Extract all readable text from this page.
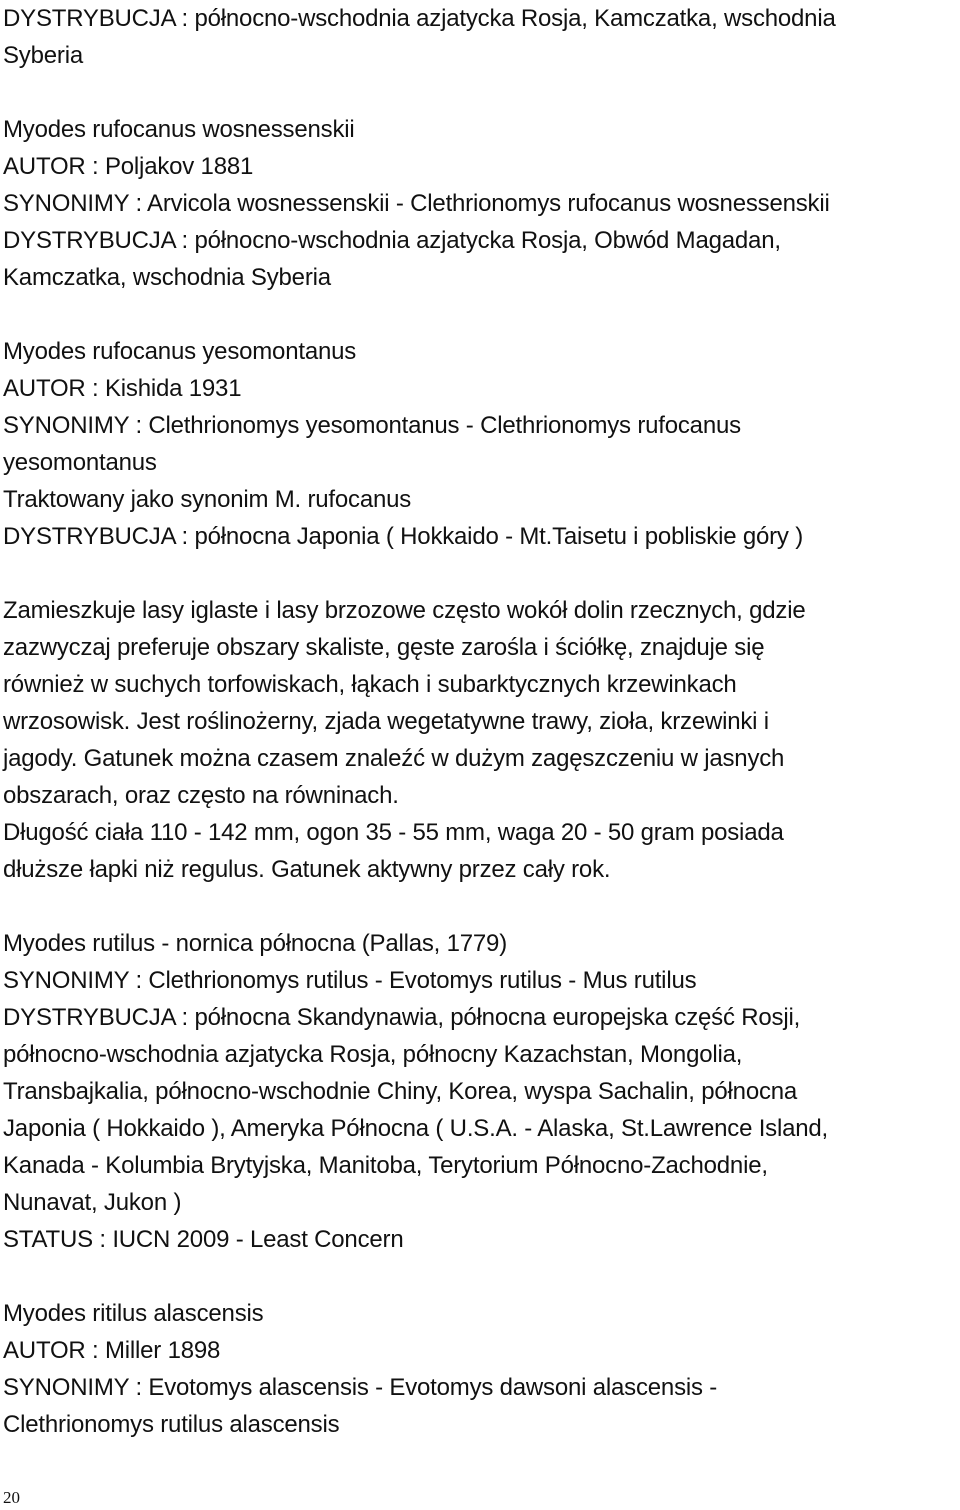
DYSTRYBUCJA : północno-wschodnia azjatycka Rosja, Kamczatka, wschodnia
Syberia
Myodes rufocanus wosnessenskii
AUTOR : Poljakov 1881
SYNONIMY : Arvicola wosnessenskii - Clethrionomys rufocanus wosnessenskii
DYSTRYBUCJA : północno-wschodnia azjatycka Rosja, Obwód Magadan,
Kamczatka, wschodnia Syberia
Myodes rufocanus yesomontanus
AUTOR : Kishida 1931
SYNONIMY : Clethrionomys yesomontanus - Clethrionomys rufocanus
yesomontanus
Traktowany jako synonim M. rufocanus
DYSTRYBUCJA : północna Japonia ( Hokkaido - Mt.Taisetu i pobliskie góry )
Zamieszkuje lasy iglaste i lasy brzozowe często wokół dolin rzecznych, gdzie
zazwyczaj preferuje obszary skaliste, gęste zarośla i ściółkę, znajduje się
również w suchych torfowiskach, łąkach i subarktycznych krzewinkach
wrzosowisk. Jest roślinożerny, zjada wegetatywne trawy, zioła, krzewinki i
jagody. Gatunek można czasem znaleźć w dużym zagęszczeniu w jasnych
obszarach, oraz często na równinach.
Długość ciała 110 - 142 mm, ogon 35 - 55 mm, waga 20 - 50 gram posiada
dłuższe łapki niż regulus. Gatunek aktywny przez cały rok.
Myodes rutilus - nornica północna (Pallas, 1779)
SYNONIMY : Clethrionomys rutilus - Evotomys rutilus - Mus rutilus
DYSTRYBUCJA : północna Skandynawia, północna europejska część Rosji,
północno-wschodnia azjatycka Rosja, północny Kazachstan, Mongolia,
Transbajkalia, północno-wschodnie Chiny, Korea, wyspa Sachalin, północna
Japonia ( Hokkaido ), Ameryka Północna ( U.S.A. - Alaska, St.Lawrence Island,
Kanada - Kolumbia Brytyjska, Manitoba, Terytorium Północno-Zachodnie,
Nunavat, Jukon )
STATUS : IUCN 2009 - Least Concern
Myodes ritilus alascensis
AUTOR : Miller 1898
SYNONIMY : Evotomys alascensis - Evotomys dawsoni alascensis -
Clethrionomys rutilus alascensis
20
